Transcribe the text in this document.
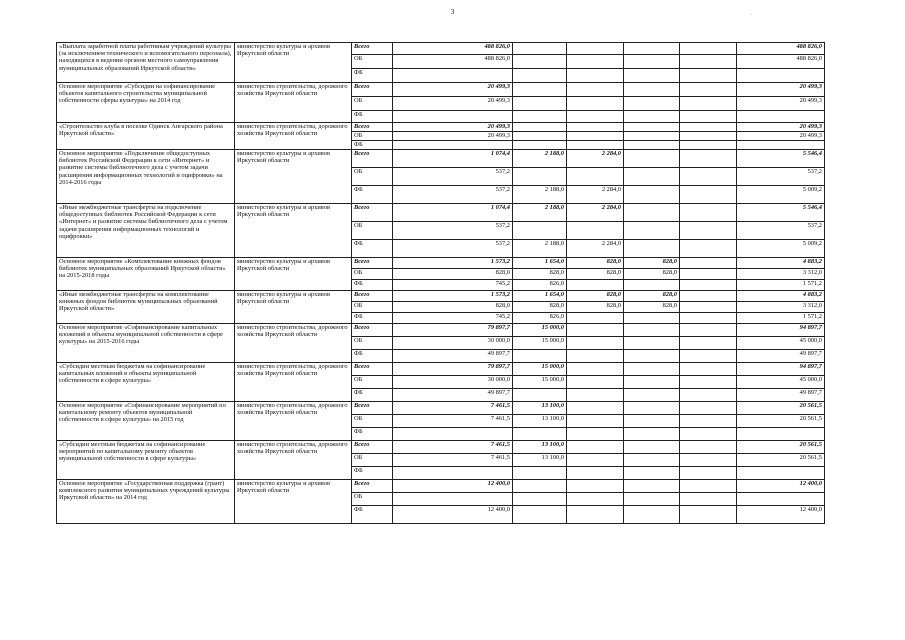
3
«Выплата заработной платы работникам учреждений культуры (за исключением технического и вспомогательного персонала), находящихся в ведении органов местного самоуправления муниципальных образований Иркутской области»	министерство культуры и архивов Иркутской области	Всего	488 826,0					488 826,0
		ОБ	488 826,0					488 826,0
		ФБ						
Основное мероприятие «Субсидии на софинансирование объектов капитального строительства муниципальной собственности сферы культуры» на 2014 год	министерство строительства, дорожного хозяйства Иркутской области	Всего	20 499,3					20 499,3
		ОБ	20 499,3					20 499,3
		ФБ						
«Строительство клуба в поселке Одинск Ангарского района Иркутской области»	министерство строительства, дорожного хозяйства Иркутской области	Всего	20 499,3					20 499,3
		ОБ	20 499,3					20 499,3
		ФБ						
Основное мероприятие «Подключение общедоступных библиотек Российской Федерации к сети «Интернет» и развитие системы библиотечного дела с учетом задачи расширения информационных технологий и оцифровки» на 2014-2016 годы	министерство культуры и архивов Иркутской области	Всего	1 074,4	2 188,0	2 284,0			5 546,4
		ОБ	537,2					537,2
		ФБ	537,2	2 188,0	2 284,0			5 009,2
«Иные межбюджетные трансферты на подключение общедоступных библиотек Российской Федерации к сети «Интернет» и развитие системы библиотечного дела с учетом задачи расширения информационных технологий и оцифровки»	министерство культуры и архивов Иркутской области	Всего	1 074,4	2 188,0	2 284,0			5 546,4
		ОБ	537,2					537,2
		ФБ	537,2	2 188,0	2 284,0			5 009,2
Основное мероприятие «Комплектование книжных фондов библиотек муниципальных образований Иркутской области» на 2015-2018 годы	министерство культуры и архивов Иркутской области	Всего	1 573,2	1 654,0	828,0	828,0		4 883,2
		ОБ	828,0	828,0	828,0	828,0		3 312,0
		ФБ	745,2	826,0				1 571,2
«Иные межбюджетные трансферты на комплектование книжных фондов библиотек муниципальных образований Иркутской области»	министерство культуры и архивов Иркутской области	Всего	1 573,2	1 654,0	828,0	828,0		4 883,2
		ОБ	828,0	828,0	828,0	828,0		3 312,0
		ФБ	745,2	826,0				1 571,2
Основное мероприятие «Софинансирование капитальных вложений в объекты муниципальной собственности в сфере культуры» на 2015-2016 годы	министерство строительства, дорожного хозяйства Иркутской области	Всего	79 897,7	15 000,0				94 897,7
		ОБ	30 000,0	15 000,0				45 000,0
		ФБ	49 897,7					49 897,7
«Субсидии местным бюджетам на софинансирование капитальных вложений в объекты муниципальной собственности в сфере культуры»	министерство строительства, дорожного хозяйства Иркутской области	Всего	79 897,7	15 000,0				94 897,7
		ОБ	30 000,0	15 000,0				45 000,0
		ФБ	49 897,7					49 897,7
Основное мероприятие «Софинансирование мероприятий по капитальному ремонту объектов муниципальной собственности в сфере культуры» на 2015 год	министерство строительства, дорожного хозяйства Иркутской области	Всего	7 461,5	13 100,0				20 561,5
		ОБ	7 461,5	13 100,0				20 561,5
		ФБ						
«Субсидии местным бюджетам на софинансирование мероприятий по капитальному ремонту объектов муниципальной собственности в сфере культуры»	министерство строительства, дорожного хозяйства Иркутской области	Всего	7 461,5	13 100,0				20 561,5
		ОБ	7 461,5	13 100,0				20 561,5
		ФБ						
Основное мероприятие «Государственная поддержка (грант) комплексного развития муниципальных учреждений культуры Иркутской области» на 2014 год	министерство культуры и архивов Иркутской области	Всего	12 400,0					12 400,0
		ОБ						
		ФБ	12 400,0					12 400,0
·
